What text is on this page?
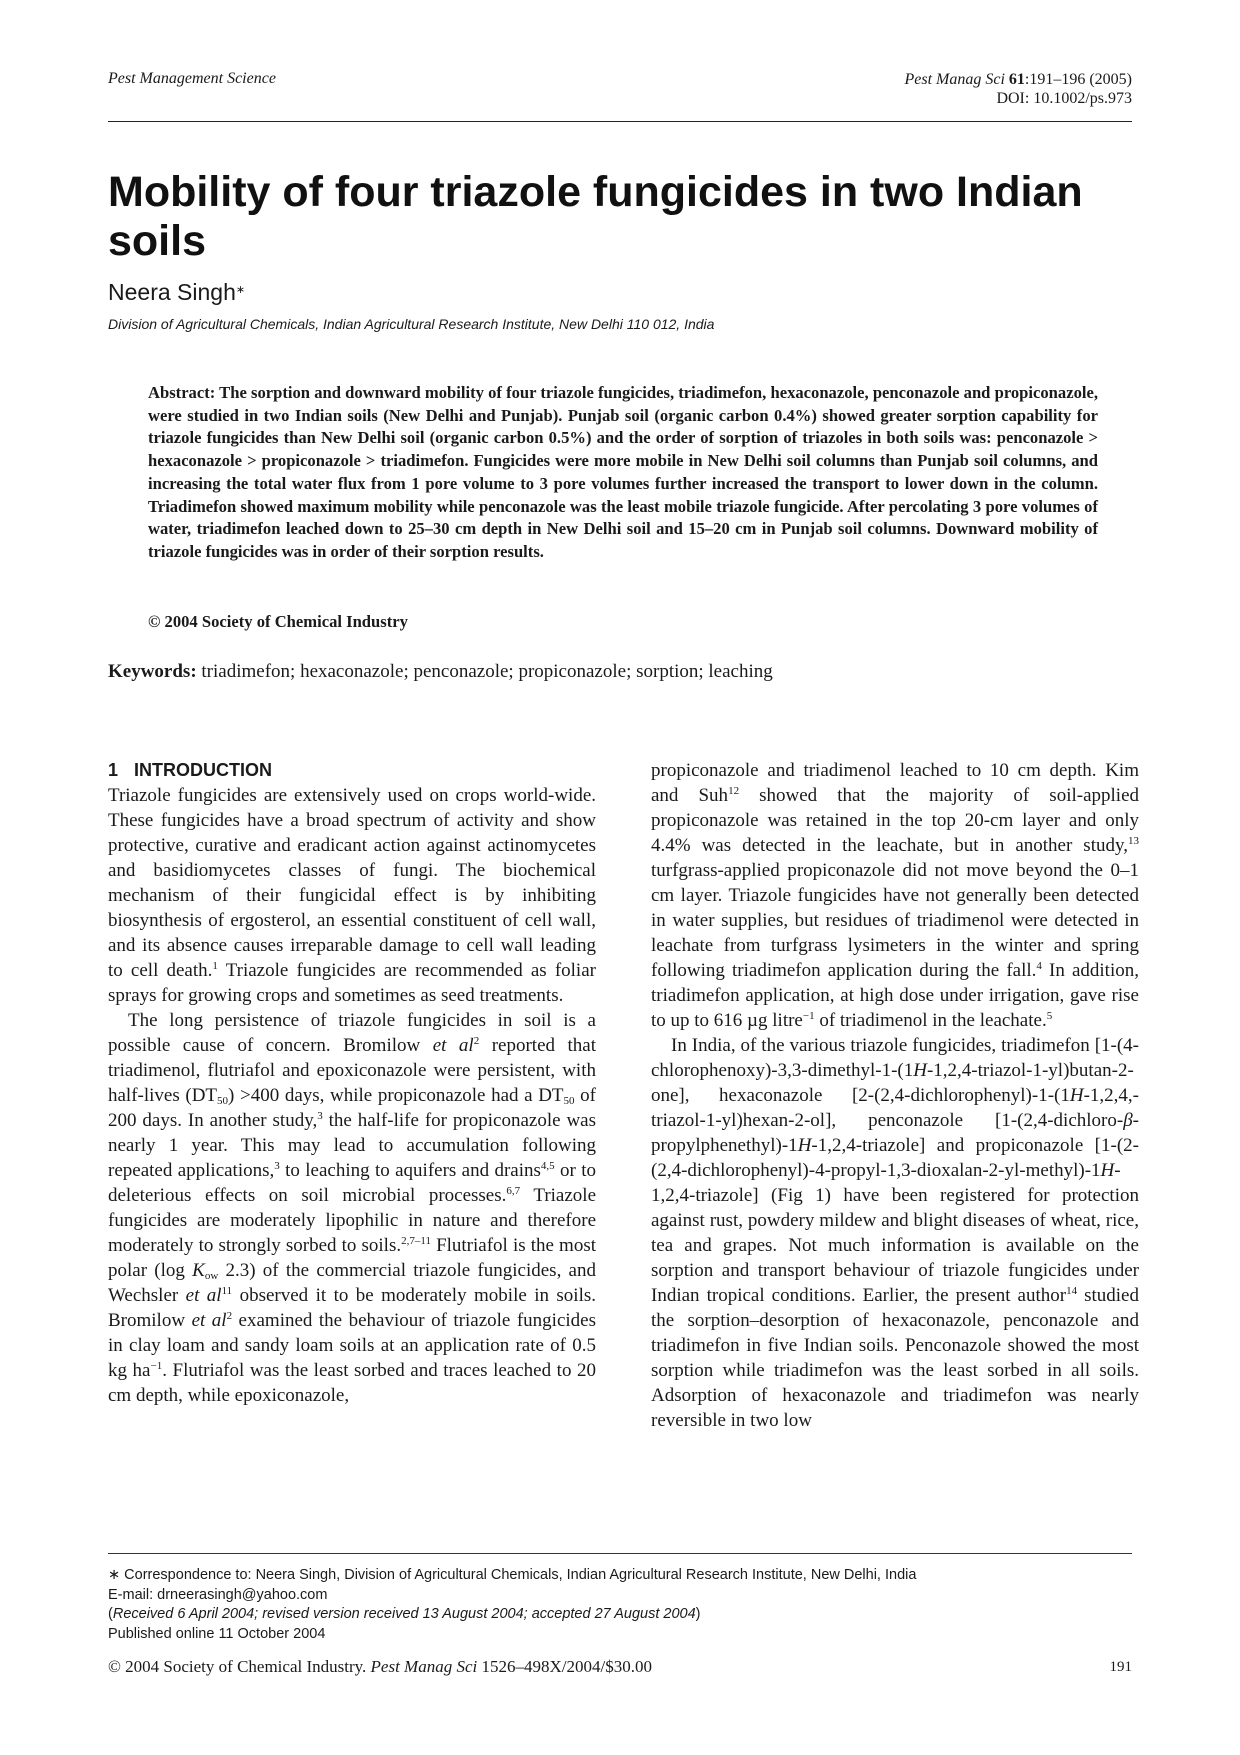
Pest Management Science	Pest Manag Sci 61:191–196 (2005)
DOI: 10.1002/ps.973
Mobility of four triazole fungicides in two Indian soils
Neera Singh∗
Division of Agricultural Chemicals, Indian Agricultural Research Institute, New Delhi 110 012, India

Abstract: The sorption and downward mobility of four triazole fungicides, triadimefon, hexaconazole, penconazole and propiconazole, were studied in two Indian soils (New Delhi and Punjab). Punjab soil (organic carbon 0.4%) showed greater sorption capability for triazole fungicides than New Delhi soil (organic carbon 0.5%) and the order of sorption of triazoles in both soils was: penconazole > hexaconazole > propiconazole > triadimefon. Fungicides were more mobile in New Delhi soil columns than Punjab soil columns, and increasing the total water flux from 1 pore volume to 3 pore volumes further increased the transport to lower down in the column. Triadimefon showed maximum mobility while penconazole was the least mobile triazole fungicide. After percolating 3 pore volumes of water, triadimefon leached down to 25–30 cm depth in New Delhi soil and 15–20 cm in Punjab soil columns. Downward mobility of triazole fungicides was in order of their sorption results.

© 2004 Society of Chemical Industry
Keywords: triadimefon; hexaconazole; penconazole; propiconazole; sorption; leaching
1 INTRODUCTION

Triazole fungicides are extensively used on crops world-wide. These fungicides have a broad spectrum of activity and show protective, curative and eradicant action against actinomycetes and basidiomycetes classes of fungi. The biochemical mechanism of their fungicidal effect is by inhibiting biosynthesis of ergosterol, an essential constituent of cell wall, and its absence causes irreparable damage to cell wall leading to cell death.$^1$ Triazole fungicides are recommended as foliar sprays for growing crops and sometimes as seed treatments.

The long persistence of triazole fungicides in soil is a possible cause of concern. Bromilow et $al^2$ reported that triadimenol, flutriafol and epoxiconazole were persistent, with half-lives $(DT_{50}) >400$ days, while propiconazole had a $DT_{50}$ of 200 days. In another study,$^3$ the half-life for propiconazole was nearly 1 year. This may lead to accumulation following repeated applications,$^3$ to leaching to aquifers and drains$^{4,5}$ or to deleterious effects on soil microbial processes.$^{6,7}$ Triazole fungicides are moderately lipophilic in nature and therefore moderately to strongly sorbed to soils.$^{2,7-11}$ Flutriafol is the most polar (log $K_{ow}$ 2.3) of the commercial triazole fungicides, and Wechsler et $al^{11}$ observed it to be moderately mobile in soils. Bromilow et $al^2$ examined the behaviour of triazole fungicides in clay loam and sandy loam soils at an application rate of 0.5 kg $ha^{-1}$. Flutriafol was the least sorbed and traces leached to 20 cm depth, while epoxiconazole,

propiconazole and triadimenol leached to 10 cm depth. Kim and Suh$^{12}$ showed that the majority of soil-applied propiconazole was retained in the top 20-cm layer and only 4.4% was detected in the leachate, but in another study,$^{13}$ turfgrass-applied propiconazole did not move beyond the 0–1 cm layer. Triazole fungicides have not generally been detected in water supplies, but residues of triadimenol were detected in leachate from turfgrass lysimeters in the winter and spring following triadimefon application during the fall.$^4$ In addition, triadimefon application, at high dose under irrigation, gave rise to up to 616 µg litre$^{-1}$ of triadimenol in the leachate.$^5$

In India, of the various triazole fungicides, triadimefon [1-(4-chlorophenoxy)-3,3-dimethyl-1-(1H-1,2,4-triazol-1-yl)butan-2-one], hexaconazole [2-(2,4-dichlorophenyl)-1-(1H-1,2,4,-triazol-1-yl)hexan-2-ol], penconazole [1-(2,4-dichloro-β-propylphenethyl)-1H-1,2,4-triazole] and propiconazole [1-(2-(2,4-dichlorophenyl)-4-propyl-1,3-dioxalan-2-yl-methyl)-1H-1,2,4-triazole] (Fig 1) have been registered for protection against rust, powdery mildew and blight diseases of wheat, rice, tea and grapes. Not much information is available on the sorption and transport behaviour of triazole fungicides under Indian tropical conditions. Earlier, the present author$^{14}$ studied the sorption–desorption of hexaconazole, penconazole and triadimefon in five Indian soils. Penconazole showed the most sorption while triadimefon was the least sorbed in all soils. Adsorption of hexaconazole and triadimefon was nearly reversible in two low

∗ Correspondence to: Neera Singh, Division of Agricultural Chemicals, Indian Agricultural Research Institute, New Delhi, India
E-mail: drneerasingh@yahoo.com
(Received 6 April 2004; revised version received 13 August 2004; accepted 27 August 2004)
Published online 11 October 2004
© 2004 Society of Chemical Industry. Pest Manag Sci 1526–498X/2004/$30.00	191
